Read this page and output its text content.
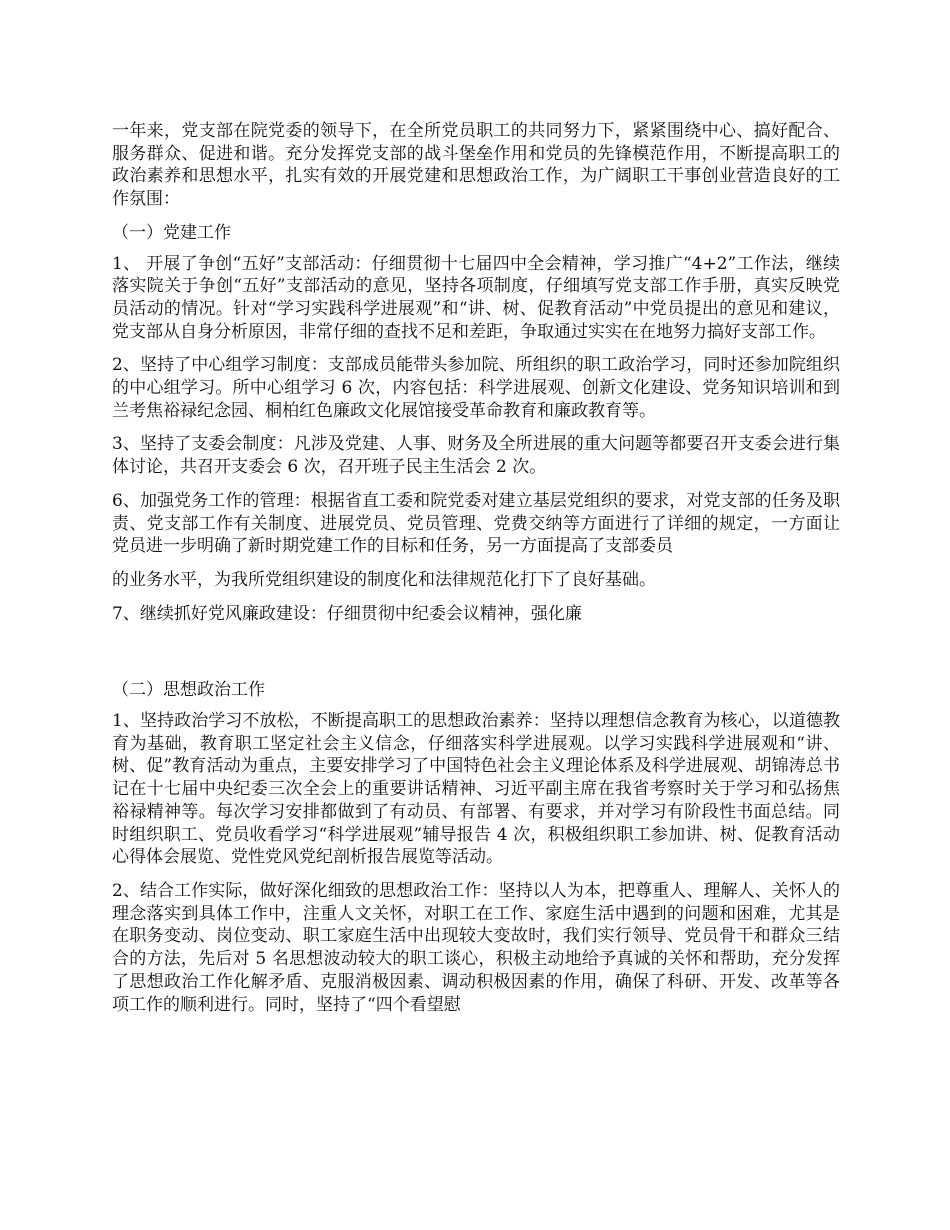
一年来，党支部在院党委的领导下，在全所党员职工的共同努力下，紧紧围绕中心、搞好配合、服务群众、促进和谐。充分发挥党支部的战斗堡垒作用和党员的先锋模范作用，不断提高职工的政治素养和思想水平，扎实有效的开展党建和思想政治工作，为广阔职工干事创业营造良好的工作氛围：

（一）党建工作

1、 开展了争创“五好”支部活动：仔细贯彻十七届四中全会精神，学习推广“4+2”工作法，继续落实院关于争创“五好”支部活动的意见，坚持各项制度，仔细填写党支部工作手册，真实反映党员活动的情况。针对“学习实践科学进展观”和“讲、树、促教育活动”中党员提出的意见和建议，党支部从自身分析原因，非常仔细的查找不足和差距，争取通过实实在在地努力搞好支部工作。

2、坚持了中心组学习制度：支部成员能带头参加院、所组织的职工政治学习，同时还参加院组织的中心组学习。所中心组学习 6 次，内容包括：科学进展观、创新文化建设、党务知识培训和到兰考焦裕禄纪念园、桐柏红色廉政文化展馆接受革命教育和廉政教育等。

3、坚持了支委会制度：凡涉及党建、人事、财务及全所进展的重大问题等都要召开支委会进行集体讨论，共召开支委会 6 次，召开班子民主生活会 2 次。

6、加强党务工作的管理：根据省直工委和院党委对建立基层党组织的要求，对党支部的任务及职责、党支部工作有关制度、进展党员、党员管理、党费交纳等方面进行了详细的规定，一方面让党员进一步明确了新时期党建工作的目标和任务，另一方面提高了支部委员

的业务水平，为我所党组织建设的制度化和法律规范化打下了良好基础。

7、继续抓好党风廉政建设：仔细贯彻中纪委会议精神，强化廉

（二）思想政治工作

1、坚持政治学习不放松，不断提高职工的思想政治素养：坚持以理想信念教育为核心，以道德教育为基础，教育职工坚定社会主义信念，仔细落实科学进展观。以学习实践科学进展观和“讲、树、促”教育活动为重点，主要安排学习了中国特色社会主义理论体系及科学进展观、胡锦涛总书记在十七届中央纪委三次全会上的重要讲话精神、习近平副主席在我省考察时关于学习和弘扬焦裕禄精神等。每次学习安排都做到了有动员、有部署、有要求，并对学习有阶段性书面总结。同时组织职工、党员收看学习“科学进展观”辅导报告 4 次，积极组织职工参加讲、树、促教育活动心得体会展览、党性党风党纪剖析报告展览等活动。

2、结合工作实际，做好深化细致的思想政治工作：坚持以人为本，把尊重人、理解人、关怀人的理念落实到具体工作中，注重人文关怀，对职工在工作、家庭生活中遇到的问题和困难，尤其是在职务变动、岗位变动、职工家庭生活中出现较大变故时，我们实行领导、党员骨干和群众三结合的方法，先后对 5 名思想波动较大的职工谈心，积极主动地给予真诚的关怀和帮助，充分发挥了思想政治工作化解矛盾、克服消极因素、调动积极因素的作用，确保了科研、开发、改革等各项工作的顺利进行。同时，坚持了“四个看望慰
